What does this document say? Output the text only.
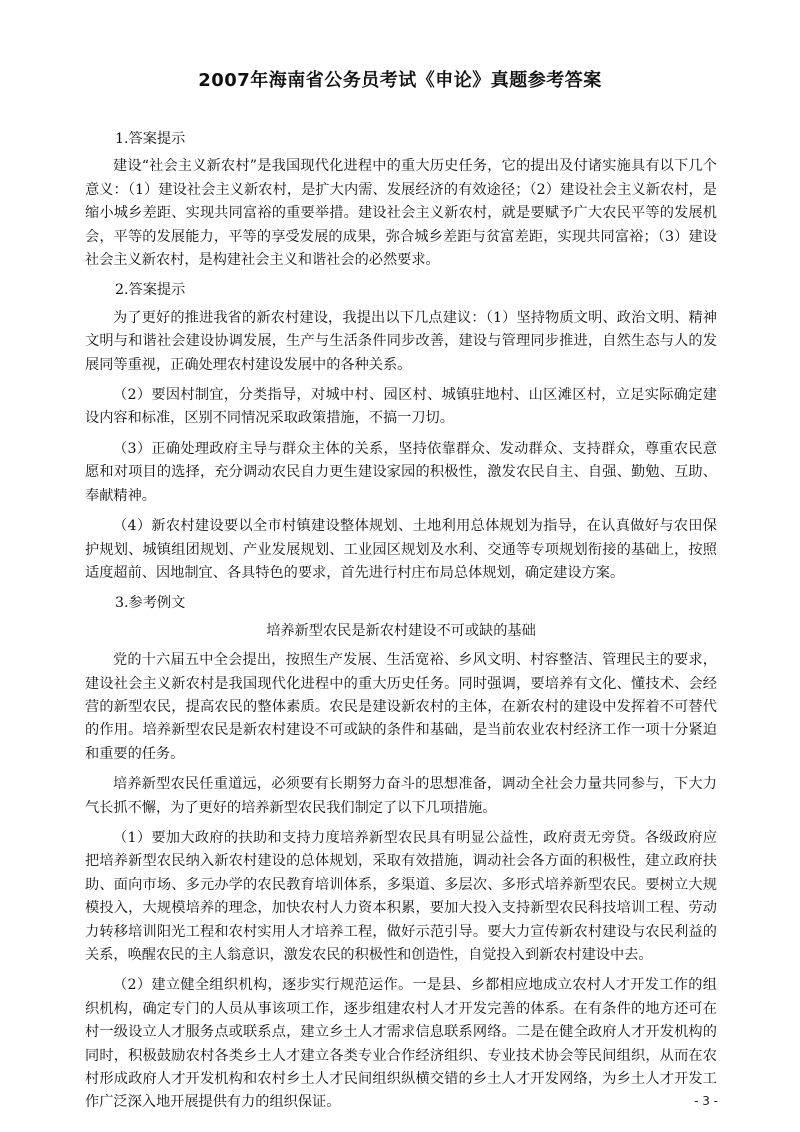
2007年海南省公务员考试《申论》真题参考答案

1.答案提示

建设“社会主义新农村”是我国现代化进程中的重大历史任务，它的提出及付诸实施具有以下几个意义：（1）建设社会主义新农村，是扩大内需、发展经济的有效途径；（2）建设社会主义新农村，是缩小城乡差距、实现共同富裕的重要举措。建设社会主义新农村，就是要赋予广大农民平等的发展机会，平等的发展能力，平等的享受发展的成果，弥合城乡差距与贫富差距，实现共同富裕；（3）建设社会主义新农村，是构建社会主义和谐社会的必然要求。

2.答案提示

为了更好的推进我省的新农村建设，我提出以下几点建议：（1）坚持物质文明、政治文明、精神文明与和谐社会建设协调发展，生产与生活条件同步改善，建设与管理同步推进，自然生态与人的发展同等重视，正确处理农村建设发展中的各种关系。

（2）要因村制宜，分类指导，对城中村、园区村、城镇驻地村、山区滩区村，立足实际确定建设内容和标准，区别不同情况采取政策措施，不搞一刀切。

（3）正确处理政府主导与群众主体的关系，坚持依靠群众、发动群众、支持群众，尊重农民意愿和对项目的选择，充分调动农民自力更生建设家园的积极性，激发农民自主、自强、勤勉、互助、奉献精神。

（4）新农村建设要以全市村镇建设整体规划、土地利用总体规划为指导，在认真做好与农田保护规划、城镇组团规划、产业发展规划、工业园区规划及水利、交通等专项规划衔接的基础上，按照适度超前、因地制宜、各具特色的要求，首先进行村庄布局总体规划，确定建设方案。

3.参考例文

培养新型农民是新农村建设不可或缺的基础

党的十六届五中全会提出，按照生产发展、生活宽裕、乡风文明、村容整洁、管理民主的要求，建设社会主义新农村是我国现代化进程中的重大历史任务。同时强调，要培养有文化、懂技术、会经营的新型农民，提高农民的整体素质。农民是建设新农村的主体，在新农村的建设中发挥着不可替代的作用。培养新型农民是新农村建设不可或缺的条件和基础，是当前农业农村经济工作一项十分紧迫和重要的任务。

培养新型农民任重道远，必须要有长期努力奋斗的思想准备，调动全社会力量共同参与，下大力气长抓不懈，为了更好的培养新型农民我们制定了以下几项措施。

（1）要加大政府的扶助和支持力度培养新型农民具有明显公益性，政府责无旁贷。各级政府应把培养新型农民纳入新农村建设的总体规划，采取有效措施，调动社会各方面的积极性，建立政府扶助、面向市场、多元办学的农民教育培训体系，多渠道、多层次、多形式培养新型农民。要树立大规模投入，大规模培养的理念，加快农村人力资本积累，要加大投入支持新型农民科技培训工程、劳动力转移培训阳光工程和农村实用人才培养工程，做好示范引导。要大力宣传新农村建设与农民利益的关系，唤醒农民的主人翁意识，激发农民的积极性和创造性，自觉投入到新农村建设中去。

（2）建立健全组织机构，逐步实行规范运作。一是县、乡都相应地成立农村人才开发工作的组织机构，确定专门的人员从事该项工作，逐步组建农村人才开发完善的体系。在有条件的地方还可在村一级设立人才服务点或联系点，建立乡土人才需求信息联系网络。二是在健全政府人才开发机构的同时，积极鼓励农村各类乡土人才建立各类专业合作经济组织、专业技术协会等民间组织，从而在农村形成政府人才开发机构和农村乡土人才民间组织纵横交错的乡土人才开发网络，为乡土人才开发工作广泛深入地开展提供有力的组织保证。	- 3 -
